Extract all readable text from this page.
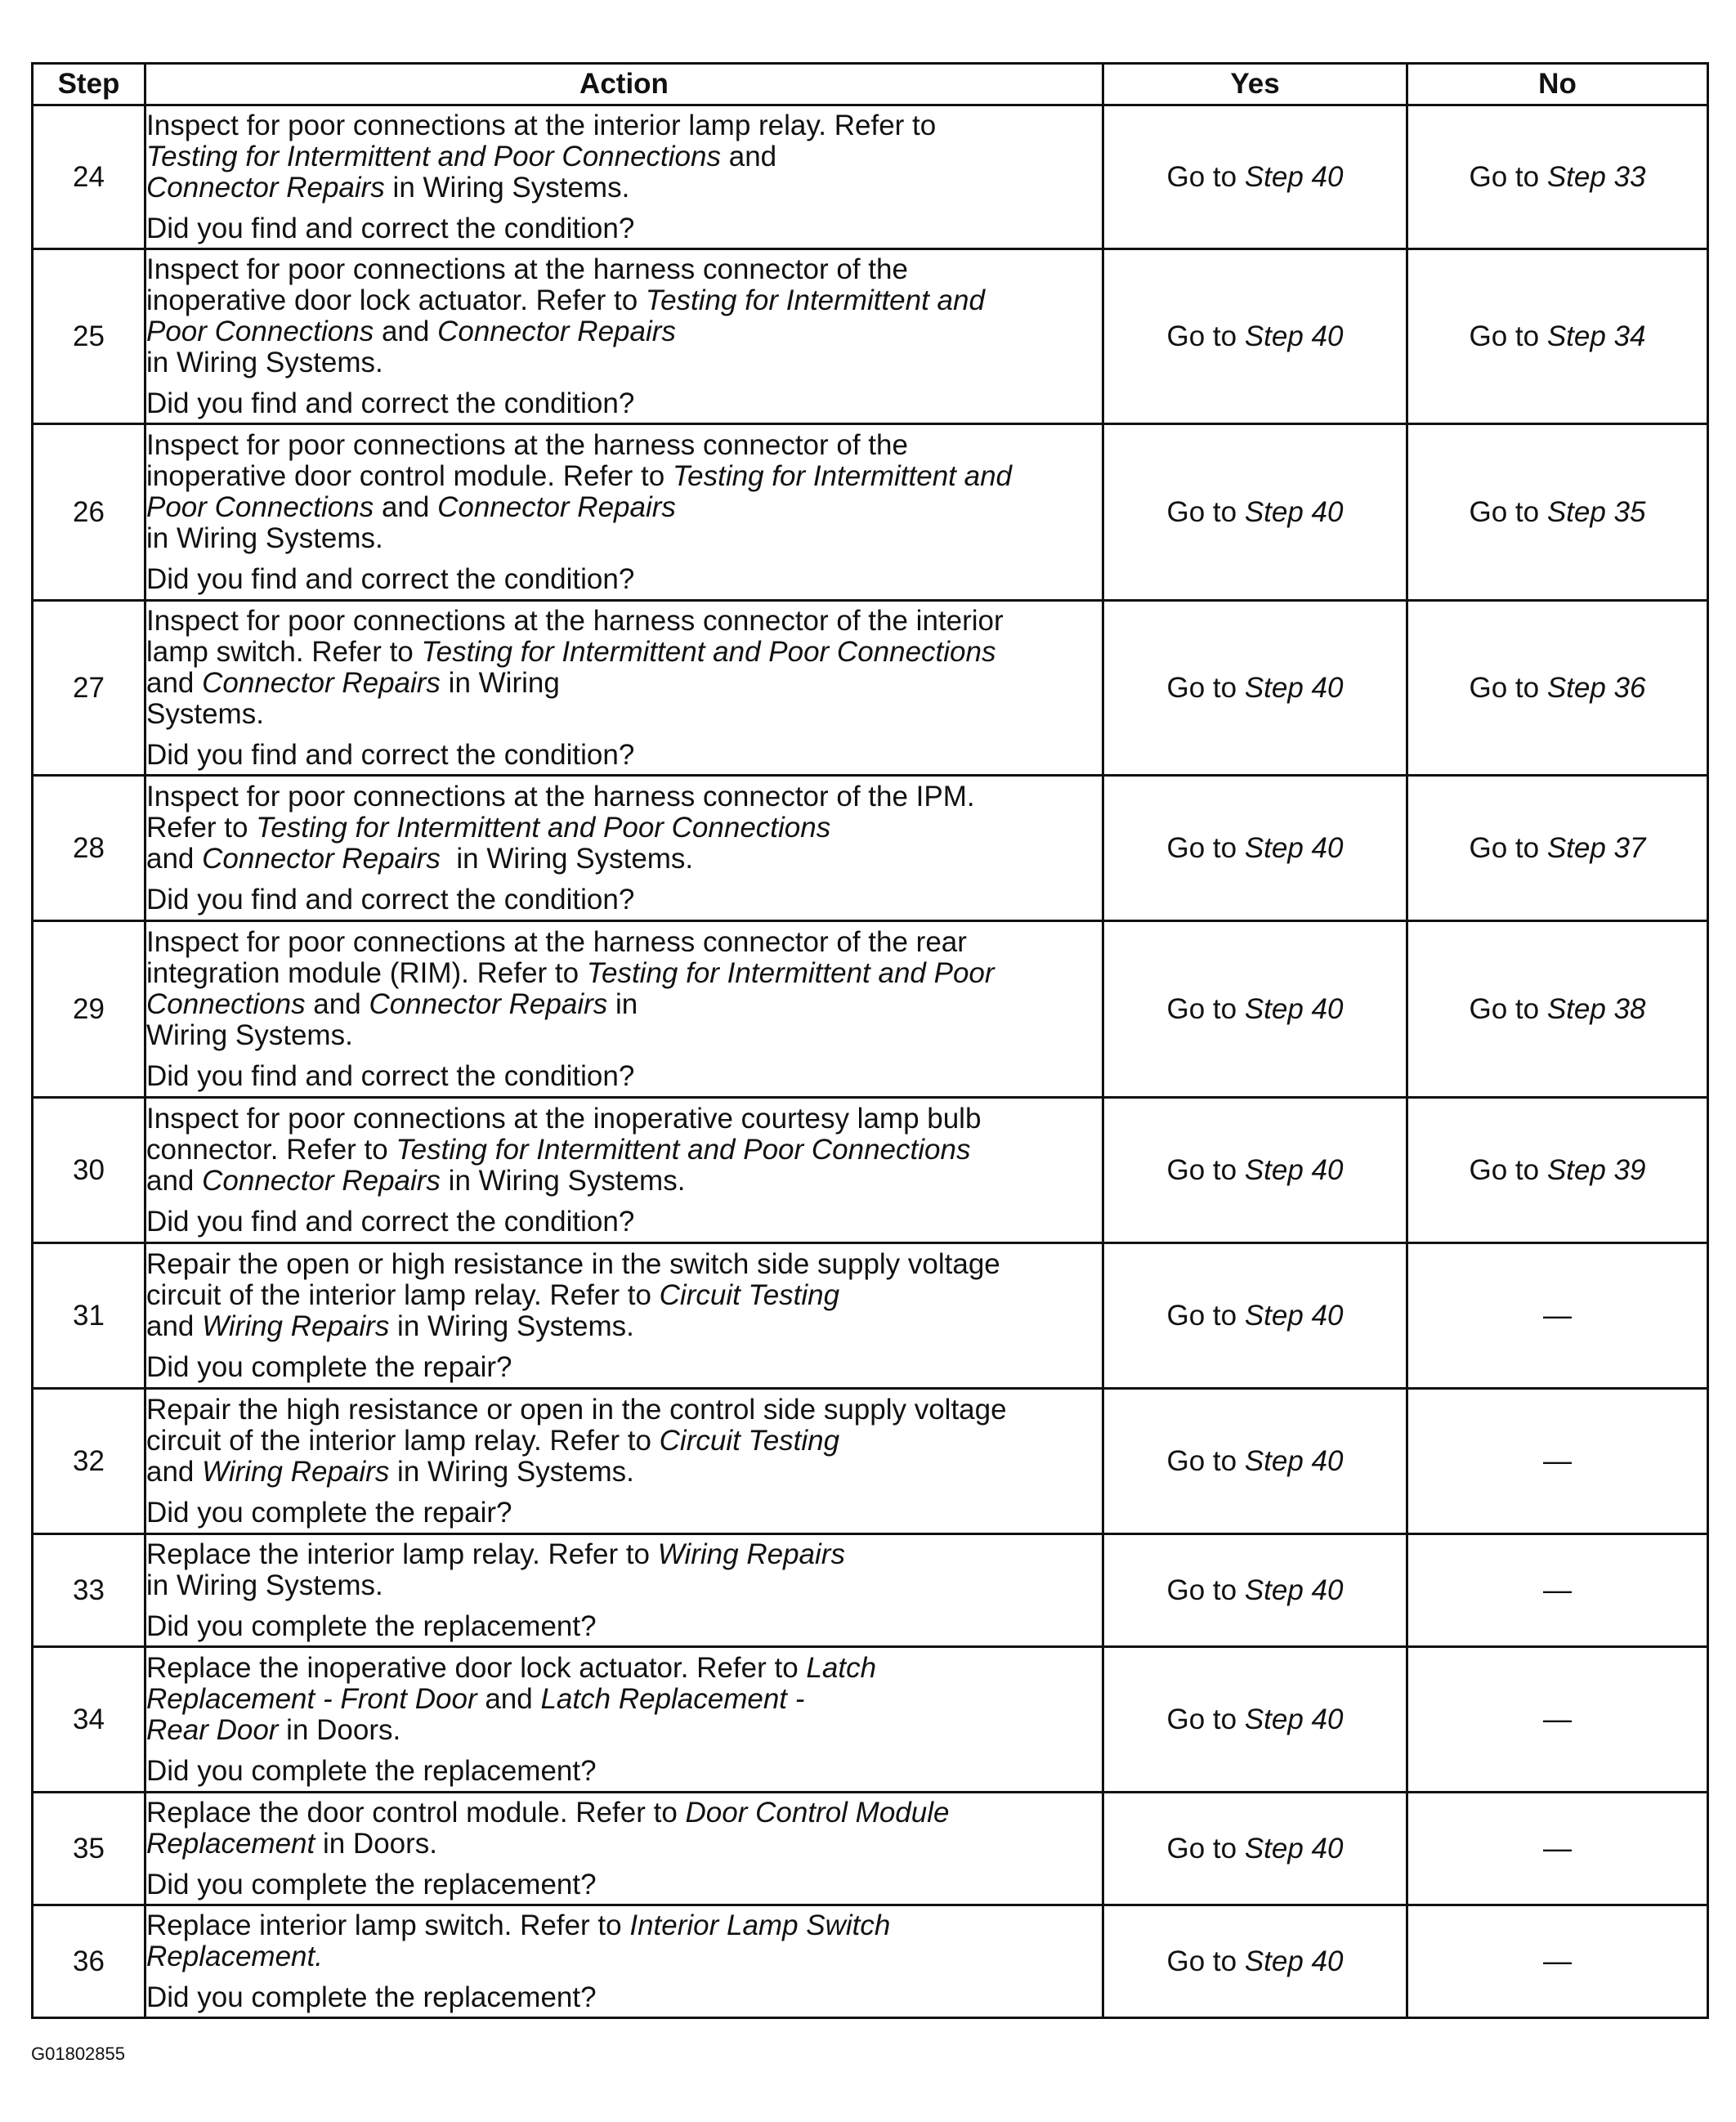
Step	Action	Yes	No
24	Inspect for poor connections at the interior lamp relay. Refer to
Testing for Intermittent and Poor Connections and
Connector Repairs in Wiring Systems.
Did you find and correct the condition?	Go to Step 40	Go to Step 33
25	Inspect for poor connections at the harness connector of the
inoperative door lock actuator. Refer to Testing for Intermittent and
Poor Connections and Connector Repairs
in Wiring Systems.
Did you find and correct the condition?	Go to Step 40	Go to Step 34
26	Inspect for poor connections at the harness connector of the
inoperative door control module. Refer to Testing for Intermittent and
Poor Connections and Connector Repairs
in Wiring Systems.
Did you find and correct the condition?	Go to Step 40	Go to Step 35
27	Inspect for poor connections at the harness connector of the interior
lamp switch. Refer to Testing for Intermittent and Poor Connections
and Connector Repairs in Wiring
Systems.
Did you find and correct the condition?	Go to Step 40	Go to Step 36
28	Inspect for poor connections at the harness connector of the IPM.
Refer to Testing for Intermittent and Poor Connections
and Connector Repairs  in Wiring Systems.
Did you find and correct the condition?	Go to Step 40	Go to Step 37
29	Inspect for poor connections at the harness connector of the rear
integration module (RIM). Refer to Testing for Intermittent and Poor
Connections and Connector Repairs in
Wiring Systems.
Did you find and correct the condition?	Go to Step 40	Go to Step 38
30	Inspect for poor connections at the inoperative courtesy lamp bulb
connector. Refer to Testing for Intermittent and Poor Connections
and Connector Repairs in Wiring Systems.
Did you find and correct the condition?	Go to Step 40	Go to Step 39
31	Repair the open or high resistance in the switch side supply voltage
circuit of the interior lamp relay. Refer to Circuit Testing
and Wiring Repairs in Wiring Systems.
Did you complete the repair?	Go to Step 40	—
32	Repair the high resistance or open in the control side supply voltage
circuit of the interior lamp relay. Refer to Circuit Testing
and Wiring Repairs in Wiring Systems.
Did you complete the repair?	Go to Step 40	—
33	Replace the interior lamp relay. Refer to Wiring Repairs
in Wiring Systems.
Did you complete the replacement?	Go to Step 40	—
34	Replace the inoperative door lock actuator. Refer to Latch
Replacement - Front Door and Latch Replacement -
Rear Door in Doors.
Did you complete the replacement?	Go to Step 40	—
35	Replace the door control module. Refer to Door Control Module
Replacement in Doors.
Did you complete the replacement?	Go to Step 40	—
36	Replace interior lamp switch. Refer to Interior Lamp Switch
Replacement.
Did you complete the replacement?	Go to Step 40	—
G01802855
